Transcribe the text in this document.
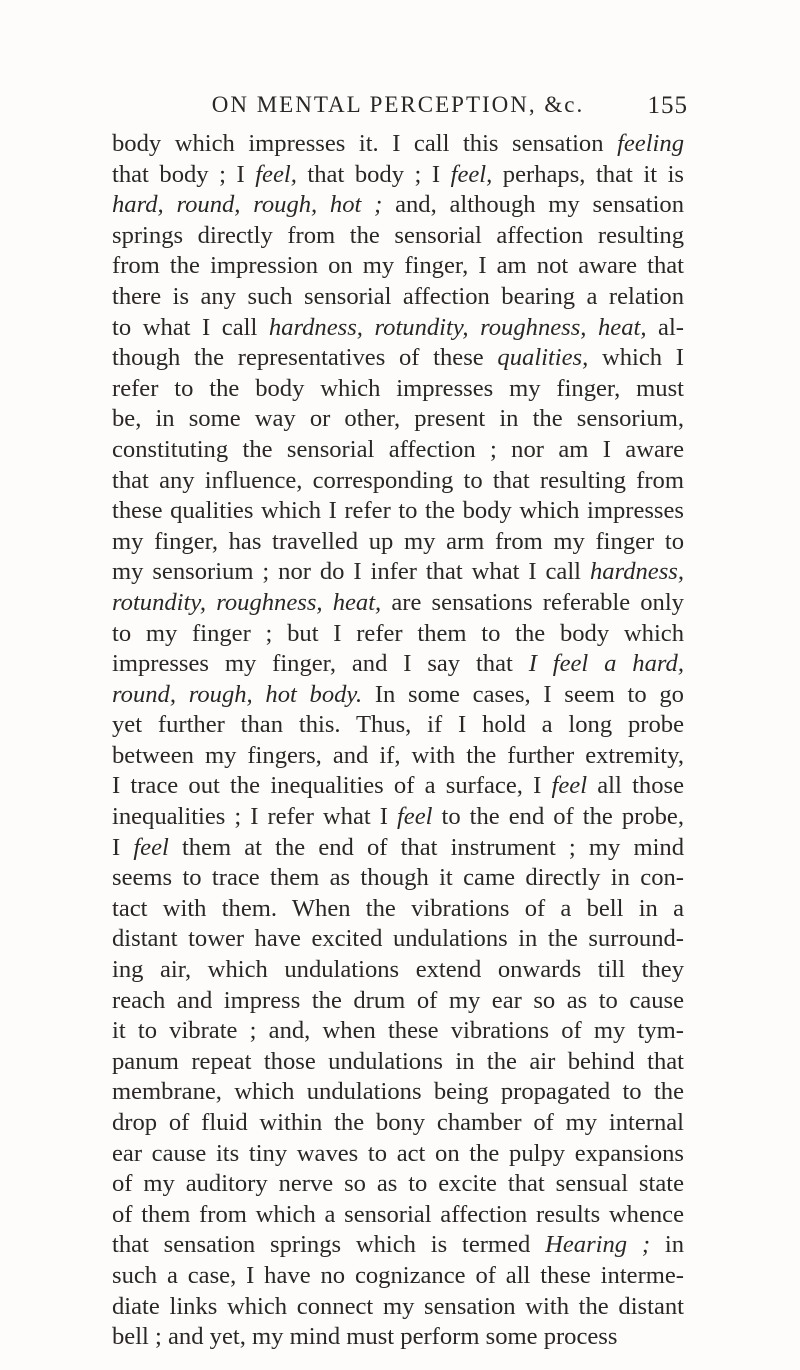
ON MENTAL PERCEPTION, &c.	155
body which impresses it. I call this sensation feeling
that body ; I feel, that body ; I feel, perhaps, that it is
hard, round, rough, hot ; and, although my sensation
springs directly from the sensorial affection resulting
from the impression on my finger, I am not aware that
there is any such sensorial affection bearing a relation
to what I call hardness, rotundity, roughness, heat, al-
though the representatives of these qualities, which I
refer to the body which impresses my finger, must
be, in some way or other, present in the sensorium,
constituting the sensorial affection ; nor am I aware
that any influence, corresponding to that resulting from
these qualities which I refer to the body which impresses
my finger, has travelled up my arm from my finger to
my sensorium ; nor do I infer that what I call hardness,
rotundity, roughness, heat, are sensations referable only
to my finger ; but I refer them to the body which
impresses my finger, and I say that I feel a hard,
round, rough, hot body. In some cases, I seem to go
yet further than this. Thus, if I hold a long probe
between my fingers, and if, with the further extremity,
I trace out the inequalities of a surface, I feel all those
inequalities ; I refer what I feel to the end of the probe,
I feel them at the end of that instrument ; my mind
seems to trace them as though it came directly in con-
tact with them. When the vibrations of a bell in a
distant tower have excited undulations in the surround-
ing air, which undulations extend onwards till they
reach and impress the drum of my ear so as to cause
it to vibrate ; and, when these vibrations of my tym-
panum repeat those undulations in the air behind that
membrane, which undulations being propagated to the
drop of fluid within the bony chamber of my internal
ear cause its tiny waves to act on the pulpy expansions
of my auditory nerve so as to excite that sensual state
of them from which a sensorial affection results whence
that sensation springs which is termed Hearing ; in
such a case, I have no cognizance of all these interme-
diate links which connect my sensation with the distant
bell ; and yet, my mind must perform some process
